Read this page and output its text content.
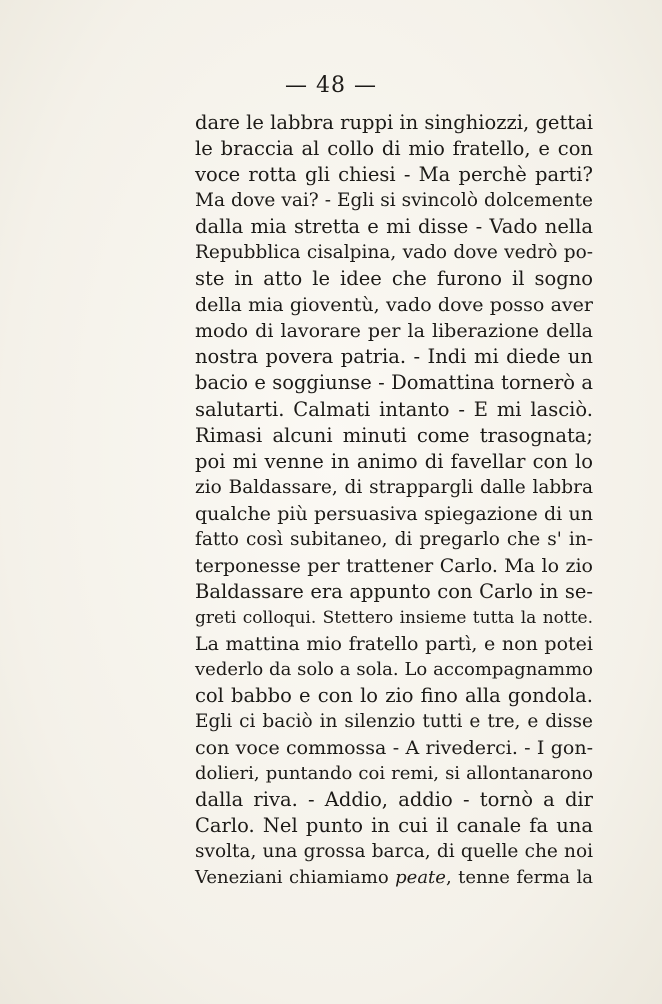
— 48 —
dare le labbra ruppi in singhiozzi, gettai
le braccia al collo di mio fratello, e con
voce rotta gli chiesi - Ma perchè parti?
Ma dove vai? - Egli si svincolò dolcemente
dalla mia stretta e mi disse - Vado nella
Repubblica cisalpina, vado dove vedrò po-
ste in atto le idee che furono il sogno
della mia gioventù, vado dove posso aver
modo di lavorare per la liberazione della
nostra povera patria. - Indi mi diede un
bacio e soggiunse - Domattina tornerò a
salutarti. Calmati intanto - E mi lasciò.
Rimasi alcuni minuti come trasognata;
poi mi venne in animo di favellar con lo
zio Baldassare, di strappargli dalle labbra
qualche più persuasiva spiegazione di un
fatto così subitaneo, di pregarlo che s' in-
terponesse per trattener Carlo. Ma lo zio
Baldassare era appunto con Carlo in se-
greti colloqui. Stettero insieme tutta la notte.
La mattina mio fratello partì, e non potei
vederlo da solo a sola. Lo accompagnammo
col babbo e con lo zio fino alla gondola.
Egli ci baciò in silenzio tutti e tre, e disse
con voce commossa - A rivederci. - I gon-
dolieri, puntando coi remi, si allontanarono
dalla riva. - Addio, addio - tornò a dir
Carlo. Nel punto in cui il canale fa una
svolta, una grossa barca, di quelle che noi
Veneziani chiamiamo peate, tenne ferma la
